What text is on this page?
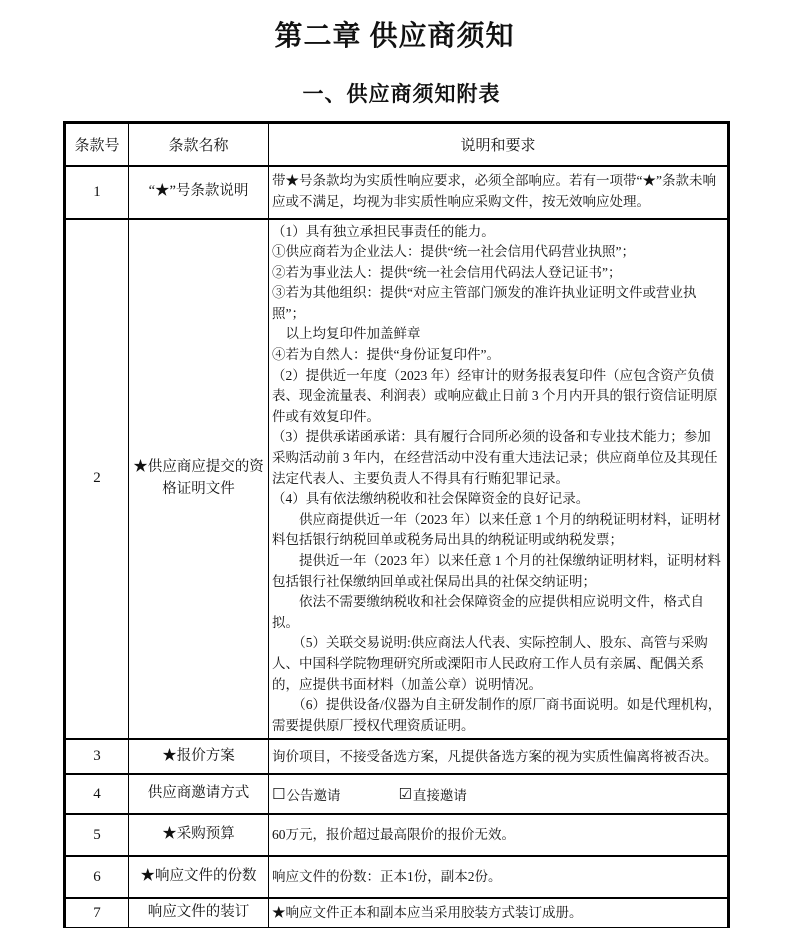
第二章 供应商须知
一、供应商须知附表
条款号	条款名称	说明和要求
1	“★”号条款说明	带★号条款均为实质性响应要求，必须全部响应。若有一项带“★”条款未响应或不满足，均视为非实质性响应采购文件，按无效响应处理。

2	★供应商应提交的资格证明文件	
（1）具有独立承担民事责任的能力。
①供应商若为企业法人：提供“统一社会信用代码营业执照”；
②若为事业法人：提供“统一社会信用代码法人登记证书”；
③若为其他组织：提供“对应主管部门颁发的准许执业证明文件或营业执照”；
　以上均复印件加盖鲜章
④若为自然人：提供“身份证复印件”。
（2）提供近一年度（2023 年）经审计的财务报表复印件（应包含资产负债表、现金流量表、利润表）或响应截止日前 3 个月内开具的银行资信证明原件或有效复印件。
（3）提供承诺函承诺：具有履行合同所必须的设备和专业技术能力；参加采购活动前 3 年内，在经营活动中没有重大违法记录；供应商单位及其现任法定代表人、主要负责人不得具有行贿犯罪记录。
（4）具有依法缴纳税收和社会保障资金的良好记录。
　　供应商提供近一年（2023 年）以来任意 1 个月的纳税证明材料，证明材料包括银行纳税回单或税务局出具的纳税证明或纳税发票；
　　提供近一年（2023 年）以来任意 1 个月的社保缴纳证明材料，证明材料包括银行社保缴纳回单或社保局出具的社保交纳证明；
　　依法不需要缴纳税收和社会保障资金的应提供相应说明文件，格式自拟。
　　（5）关联交易说明:供应商法人代表、实际控制人、股东、高管与采购人、中国科学院物理研究所或溧阳市人民政府工作人员有亲属、配偶关系的，应提供书面材料（加盖公章）说明情况。
　　（6）提供设备/仪器为自主研发制作的原厂商书面说明。如是代理机构，需要提供原厂授权代理资质证明。

3	★报价方案	询价项目，不接受备选方案，凡提供备选方案的视为实质性偏离将被否决。

4	供应商邀请方式	☐ 公告邀请 ☑ 直接邀请

5	★采购预算	60万元，报价超过最高限价的报价无效。

6	★响应文件的份数	响应文件的份数：正本1份，副本2份。

7	响应文件的装订	★响应文件正本和副本应当采用胶装方式装订成册。
